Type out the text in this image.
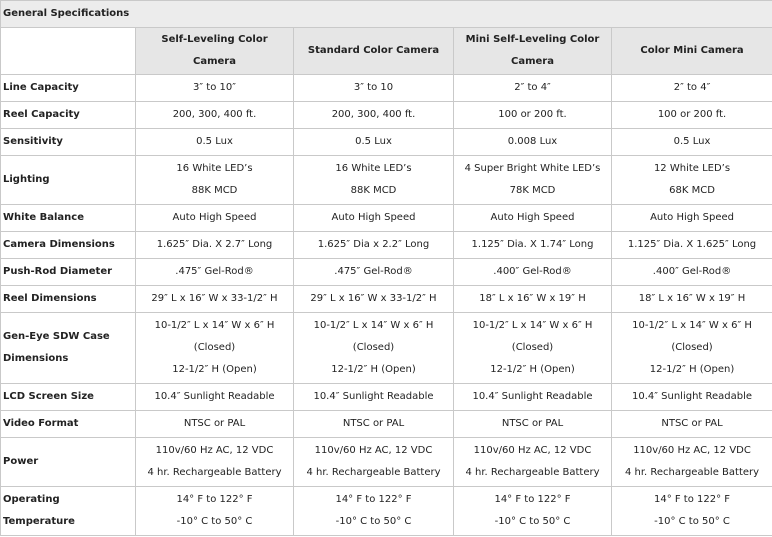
General Specifications				
	Self-Leveling Color Camera	Standard Color Camera	Mini Self-Leveling Color Camera	Color Mini Camera

Line Capacity	3″ to 10″	3″ to 10	2″ to 4″	2″ to 4″

Reel Capacity	200, 300, 400 ft.	200, 300, 400 ft.	100 or 200 ft.	100 or 200 ft.

Sensitivity	0.5 Lux	0.5 Lux	0.008 Lux	0.5 Lux

Lighting	16 White LED’s
88K MCD	16 White LED’s
88K MCD	4 Super Bright White LED’s
78K MCD	12 White LED’s
68K MCD

White Balance	Auto High Speed	Auto High Speed	Auto High Speed	Auto High Speed

Camera Dimensions	1.625″ Dia. X 2.7″ Long	1.625″ Dia x 2.2″ Long	1.125″ Dia. X 1.74″ Long	1.125″ Dia. X 1.625″ Long

Push-Rod Diameter	.475″ Gel-Rod®	.475″ Gel-Rod®	.400″ Gel-Rod®	.400″ Gel-Rod®

Reel Dimensions	29″ L x 16″ W x 33-1/2″ H	29″ L x 16″ W x 33-1/2″ H	18″ L x 16″ W x 19″ H	18″ L x 16″ W x 19″ H

Gen-Eye SDW Case
Dimensions	10-1/2″ L x 14″ W x 6″ H
(Closed)
12-1/2″ H (Open)	10-1/2″ L x 14″ W x 6″ H
(Closed)
12-1/2″ H (Open)	10-1/2″ L x 14″ W x 6″ H
(Closed)
12-1/2″ H (Open)	10-1/2″ L x 14″ W x 6″ H
(Closed)
12-1/2″ H (Open)

LCD Screen Size	10.4″ Sunlight Readable	10.4″ Sunlight Readable	10.4″ Sunlight Readable	10.4″ Sunlight Readable

Video Format	NTSC or PAL	NTSC or PAL	NTSC or PAL	NTSC or PAL

Power	110v/60 Hz AC, 12 VDC
4 hr. Rechargeable Battery	110v/60 Hz AC, 12 VDC
4 hr. Rechargeable Battery	110v/60 Hz AC, 12 VDC
4 hr. Rechargeable Battery	110v/60 Hz AC, 12 VDC
4 hr. Rechargeable Battery

Operating
Temperature	14° F to 122° F
-10° C to 50° C	14° F to 122° F
-10° C to 50° C	14° F to 122° F
-10° C to 50° C	14° F to 122° F
-10° C to 50° C
